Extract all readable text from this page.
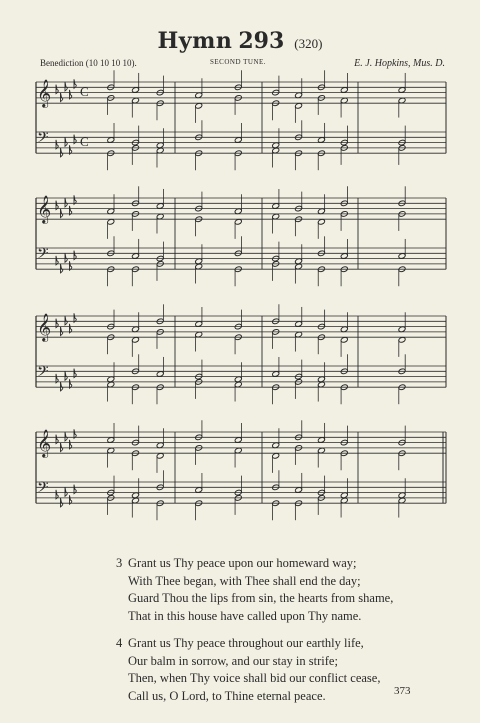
Hymn 293 (320)
Benediction (10 10 10 10).	SECOND TUNE.	E. J. Hopkins, Mus. D.
𝄞
𝄢
C
C
𝄞
𝄢
𝄞
𝄢
𝄞
𝄢
3 Grant us Thy peace upon our homeward way;
With Thee began, with Thee shall end the day;
Guard Thou the lips from sin, the hearts from shame,
That in this house have called upon Thy name.
4 Grant us Thy peace throughout our earthly life,
Our balm in sorrow, and our stay in strife;
Then, when Thy voice shall bid our conflict cease,
Call us, O Lord, to Thine eternal peace.	373
